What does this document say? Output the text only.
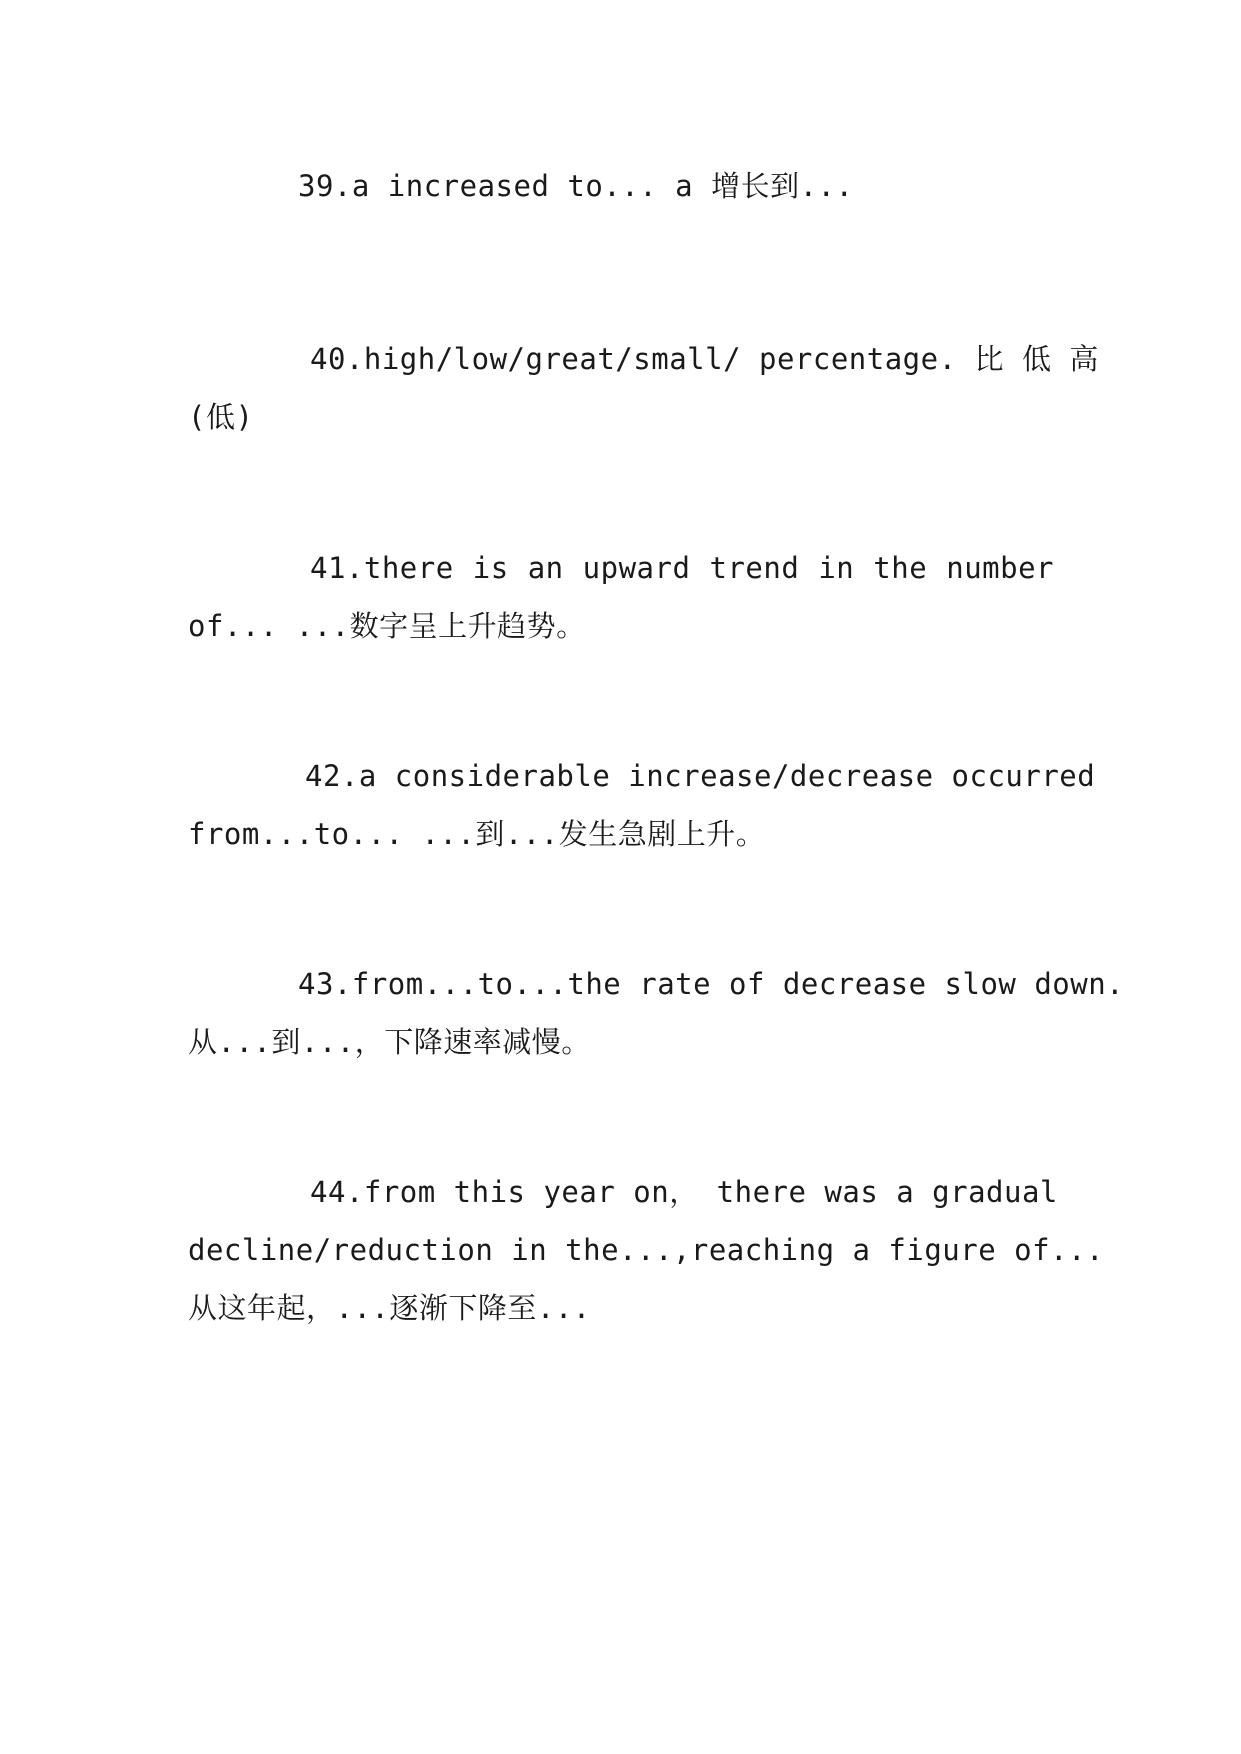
39.a increased to... a 增长到...
40.high/low/great/small/ percentage. 比 低 高
(低)
41.there is an upward trend in the number
of... ...数字呈上升趋势。
42.a considerable increase/decrease occurred
from...to... ...到...发生急剧上升。
43.from...to...the rate of decrease slow down.
从...到...，下降速率减慢。
44.from this year on， there was a gradual
decline/reduction in the...,reaching a figure of...
从这年起，...逐渐下降至...
